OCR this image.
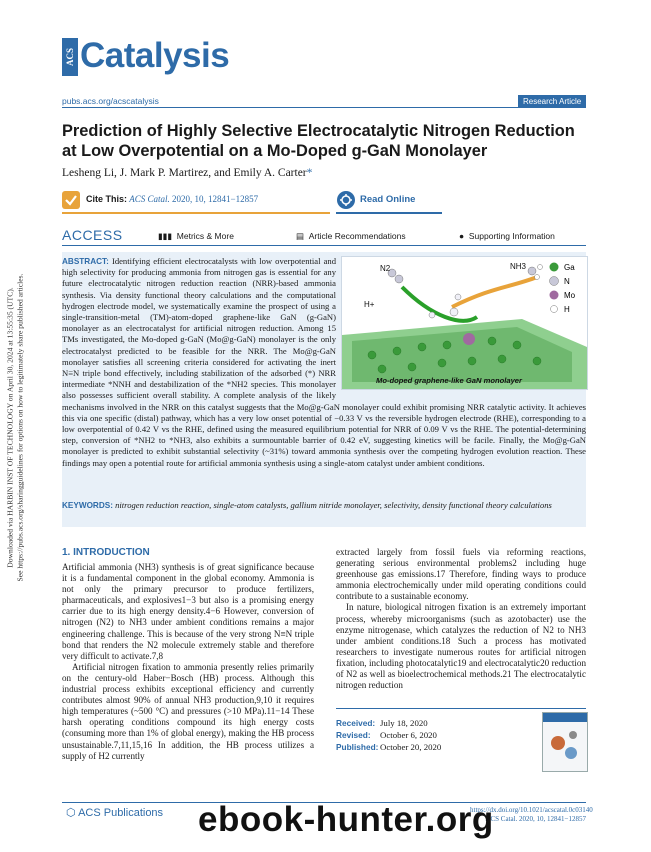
Downloaded via HARBIN INST OF TECHNOLOGY on April 30, 2024 at 13:55:35 (UTC). See https://pubs.acs.org/sharingguidelines for options on how to legitimately share published articles.
ACS Catalysis
pubs.acs.org/acscatalysis	Research Article
Prediction of Highly Selective Electrocatalytic Nitrogen Reduction at Low Overpotential on a Mo-Doped g-GaN Monolayer
Lesheng Li, J. Mark P. Martirez, and Emily A. Carter*
Cite This: ACS Catal. 2020, 10, 12841−12857	Read Online
ACCESS	▮▮▮ Metrics & More	▤ Article Recommendations	● Supporting Information
N2	NH3
H+
Ga
N
Mo
H
Mo-doped graphene-like GaN monolayer
ABSTRACT: Identifying efficient electrocatalysts with low overpotential and high selectivity for producing ammonia from nitrogen gas is essential for any future electrocatalytic nitrogen reduction reaction (NRR)-based ammonia synthesis. Via density functional theory calculations and the computational hydrogen electrode model, we systematically examine the prospect of using a single-transition-metal (TM)-atom-doped graphene-like GaN (g-GaN) monolayer as an electrocatalyst for artificial nitrogen reduction. Among 15 TMs investigated, the Mo-doped g-GaN (Mo@g-GaN) monolayer is the only electrocatalyst predicted to be feasible for the NRR. The Mo@g-GaN monolayer satisfies all screening criteria considered for activating the inert N≡N triple bond effectively, including stabilization of the adsorbed (*) NRR intermediate *NNH and destabilization of the *NH2 species. This monolayer also possesses sufficient overall stability. A complete analysis of the likely mechanisms involved in the NRR on this catalyst suggests that the Mo@g-GaN monolayer could exhibit promising NRR catalytic activity. It achieves this via one specific (distal) pathway, which has a very low onset potential of −0.33 V vs the reversible hydrogen electrode (RHE), corresponding to a low overpotential of 0.42 V vs the RHE, defined using the measured equilibrium potential for NRR of 0.09 V vs the RHE. The potential-determining step, conversion of *NH2 to *NH3, also exhibits a surmountable barrier of 0.42 eV, suggesting kinetics will be facile. Finally, the Mo@g-GaN monolayer is predicted to exhibit substantial selectivity (~31%) toward ammonia synthesis over the competing hydrogen evolution reaction. These findings may open a potential route for artificial ammonia synthesis using a single-atom catalyst under ambient conditions.
KEYWORDS: nitrogen reduction reaction, single-atom catalysts, gallium nitride monolayer, selectivity, density functional theory calculations
1. INTRODUCTION

Artificial ammonia (NH3) synthesis is of great significance because it is a fundamental component in the global economy. Ammonia is not only the primary precursor to produce fertilizers, pharmaceuticals, and explosives1−3 but also is a promising energy carrier due to its high energy density.4−6 However, conversion of nitrogen (N2) to NH3 under ambient conditions remains a major engineering challenge. This is because of the very strong N≡N triple bond that renders the N2 molecule extremely stable and therefore very difficult to activate.7,8

Artificial nitrogen fixation to ammonia presently relies primarily on the century-old Haber−Bosch (HB) process. Although this industrial process exhibits exceptional efficiency and currently contributes almost 90% of annual NH3 production,9,10 it requires high temperatures (~500 °C) and pressures (>10 MPa).11−14 These harsh operating conditions compound its high energy costs (consuming more than 1% of global energy), making the HB process unsustainable.7,11,15,16 In addition, the HB process utilizes a supply of H2 currently

extracted largely from fossil fuels via reforming reactions, generating serious environmental problems2 including huge greenhouse gas emissions.17 Therefore, finding ways to produce ammonia electrochemically under mild operating conditions could contribute to a sustainable economy.

In nature, biological nitrogen fixation is an extremely important process, whereby microorganisms (such as azotobacter) use the enzyme nitrogenase, which catalyzes the reduction of N2 to NH3 under ambient conditions.18 Such a process has motivated researchers to investigate numerous routes for artificial nitrogen fixation, including photocatalytic19 and electrocatalytic20 reduction of N2 as well as bioelectrochemical methods.21 The electrocatalytic nitrogen reduction

Received: July 18, 2020
Revised: October 6, 2020
Published: October 20, 2020
⬡ ACS Publications	https://dx.doi.org/10.1021/acscatal.0c03140
ACS Catal. 2020, 10, 12841−12857
ebook-hunter.org
